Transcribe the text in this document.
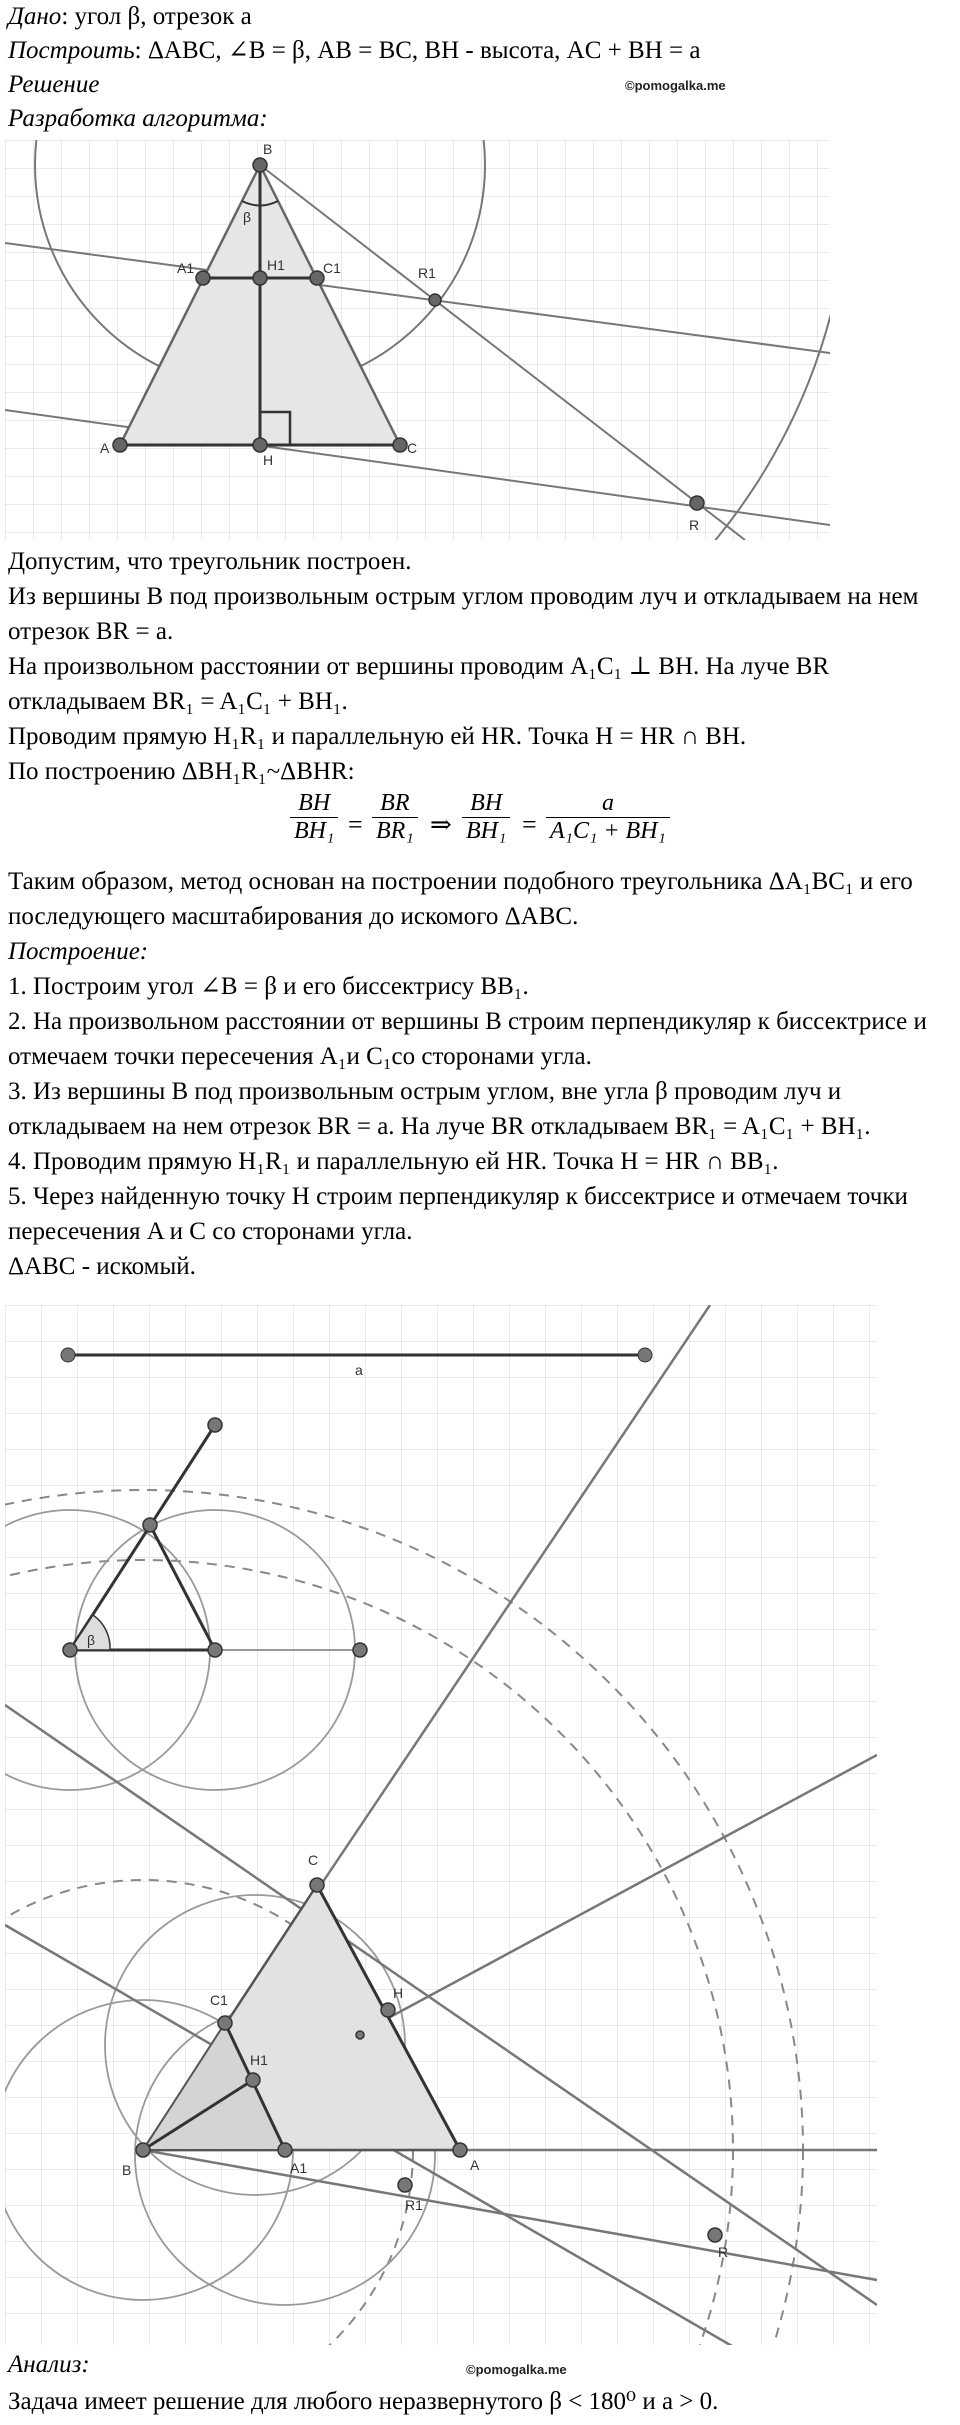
Дано: угол β, отрезок a
Построить: ΔABC, ∠B = β, AB = BC, BH - высота, AC + BH = a
Решение	©pomogalka.me
Разработка алгоритма:
B
β
H1
A1	C1	R1
A	C
H
R
Допустим, что треугольник построен.
Из вершины B под произвольным острым углом проводим луч и откладываем на нем
отрезок BR = a.
На произвольном расстоянии от вершины проводим A₁C₁ ⊥ BH. На луче BR
откладываем BR₁ = A₁C₁ + BH₁.
Проводим прямую H₁R₁ и параллельную ей HR. Точка H = HR ∩ BH.
По построению ΔBH₁R₁~ΔBHR:
$\frac{BH}{\text{BH₁}} = \frac{BR}{\text{BR₁}}$ ⇒ $\frac{BH}{\text{BH₁}} = \frac{a}{\text{A₁C₁ + BH₁}}$
Таким образом, метод основан на построении подобного треугольника ΔA₁BC₁ и его
последующего масштабирования до искомого ΔABC.
Построение:
1. Построим угол ∠B = β и его биссектрису BB₁.
2. На произвольном расстоянии от вершины B строим перпендикуляр к биссектрисе и
отмечаем точки пересечения A₁и C₁со сторонами угла.
3. Из вершины B под произвольным острым углом, вне угла β проводим луч и
откладываем на нем отрезок BR = a. На луче BR откладываем BR₁ = A₁C₁ + BH₁.
4. Проводим прямую H₁R₁ и параллельную ей HR. Точка H = HR ∩ BB₁.
5. Через найденную точку H строим перпендикуляр к биссектрисе и отмечаем точки
пересечения A и C со сторонами угла.
ΔABC - искомый.
a
β
C
C1	H
H1
B	A1	A
R1
R
Анализ:	©pomogalka.me
Задача имеет решение для любого неразвернутого β < 180⁰ и a > 0.
